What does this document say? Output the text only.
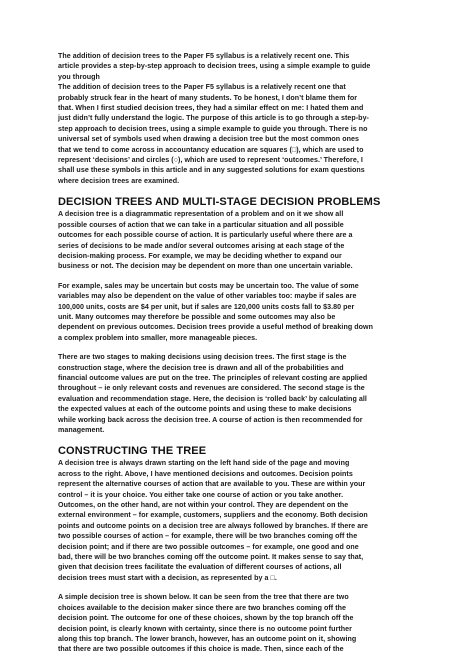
The addition of decision trees to the Paper F5 syllabus is a relatively recent one. This
article provides a step-by-step approach to decision trees, using a simple example to guide
you through
The addition of decision trees to the Paper F5 syllabus is a relatively recent one that
probably struck fear in the heart of many students. To be honest, I don’t blame them for
that. When I first studied decision trees, they had a similar effect on me: I hated them and
just didn’t fully understand the logic. The purpose of this article is to go through a step-by-
step approach to decision trees, using a simple example to guide you through. There is no
universal set of symbols used when drawing a decision tree but the most common ones
that we tend to come across in accountancy education are squares (□), which are used to
represent ‘decisions’ and circles (○), which are used to represent ‘outcomes.’ Therefore, I
shall use these symbols in this article and in any suggested solutions for exam questions
where decision trees are examined.

DECISION TREES AND MULTI-STAGE DECISION PROBLEMS

A decision tree is a diagrammatic representation of a problem and on it we show all
possible courses of action that we can take in a particular situation and all possible
outcomes for each possible course of action. It is particularly useful where there are a
series of decisions to be made and/or several outcomes arising at each stage of the
decision-making process. For example, we may be deciding whether to expand our
business or not. The decision may be dependent on more than one uncertain variable.

For example, sales may be uncertain but costs may be uncertain too. The value of some
variables may also be dependent on the value of other variables too: maybe if sales are
100,000 units, costs are $4 per unit, but if sales are 120,000 units costs fall to $3.80 per
unit. Many outcomes may therefore be possible and some outcomes may also be
dependent on previous outcomes. Decision trees provide a useful method of breaking down
a complex problem into smaller, more manageable pieces.

There are two stages to making decisions using decision trees. The first stage is the
construction stage, where the decision tree is drawn and all of the probabilities and
financial outcome values are put on the tree. The principles of relevant costing are applied
throughout – ie only relevant costs and revenues are considered. The second stage is the
evaluation and recommendation stage. Here, the decision is ‘rolled back’ by calculating all
the expected values at each of the outcome points and using these to make decisions
while working back across the decision tree. A course of action is then recommended for
management.

CONSTRUCTING THE TREE

A decision tree is always drawn starting on the left hand side of the page and moving
across to the right. Above, I have mentioned decisions and outcomes. Decision points
represent the alternative courses of action that are available to you. These are within your
control – it is your choice. You either take one course of action or you take another.
Outcomes, on the other hand, are not within your control. They are dependent on the
external environment – for example, customers, suppliers and the economy. Both decision
points and outcome points on a decision tree are always followed by branches. If there are
two possible courses of action – for example, there will be two branches coming off the
decision point; and if there are two possible outcomes – for example, one good and one
bad, there will be two branches coming off the outcome point. It makes sense to say that,
given that decision trees facilitate the evaluation of different courses of actions, all
decision trees must start with a decision, as represented by a □.

A simple decision tree is shown below. It can be seen from the tree that there are two
choices available to the decision maker since there are two branches coming off the
decision point. The outcome for one of these choices, shown by the top branch off the
decision point, is clearly known with certainty, since there is no outcome point further
along this top branch. The lower branch, however, has an outcome point on it, showing
that there are two possible outcomes if this choice is made. Then, since each of the
